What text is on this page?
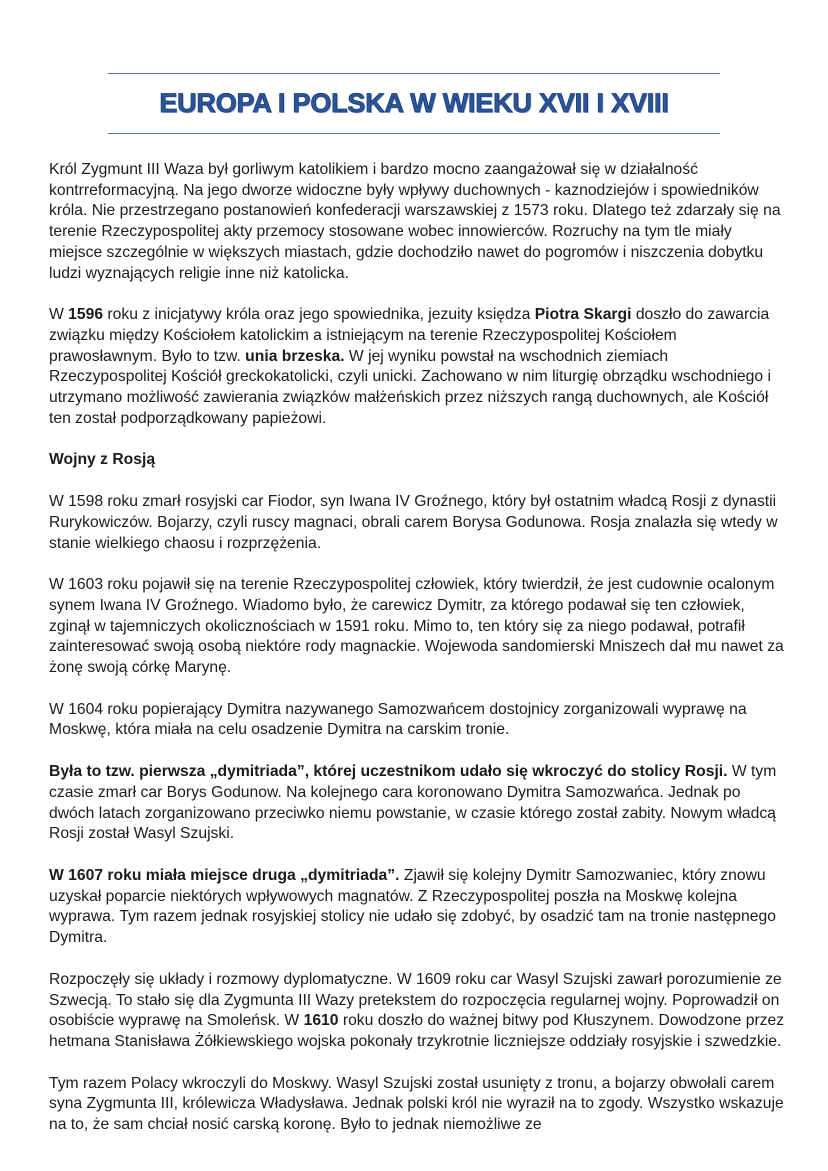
EUROPA I POLSKA W WIEKU XVII I XVIII

Król Zygmunt III Waza był gorliwym katolikiem i bardzo mocno zaangażował się w działalność kontrreformacyjną. Na jego dworze widoczne były wpływy duchownych - kaznodziejów i spowiedników króla. Nie przestrzegano postanowień konfederacji warszawskiej z 1573 roku. Dlatego też zdarzały się na terenie Rzeczypospolitej akty przemocy stosowane wobec innowierców. Rozruchy na tym tle miały miejsce szczególnie w większych miastach, gdzie dochodziło nawet do pogromów i niszczenia dobytku ludzi wyznających religie inne niż katolicka.

W 1596 roku z inicjatywy króla oraz jego spowiednika, jezuity księdza Piotra Skargi doszło do zawarcia związku między Kościołem katolickim a istniejącym na terenie Rzeczypospolitej Kościołem prawosławnym. Było to tzw. unia brzeska. W jej wyniku powstał na wschodnich ziemiach Rzeczypospolitej Kościół greckokatolicki, czyli unicki. Zachowano w nim liturgię obrządku wschodniego i utrzymano możliwość zawierania związków małżeńskich przez niższych rangą duchownych, ale Kościół ten został podporządkowany papieżowi.

Wojny z Rosją

W 1598 roku zmarł rosyjski car Fiodor, syn Iwana IV Groźnego, który był ostatnim władcą Rosji z dynastii Rurykowiczów. Bojarzy, czyli ruscy magnaci, obrali carem Borysa Godunowa. Rosja znalazła się wtedy w stanie wielkiego chaosu i rozprzężenia.

W 1603 roku pojawił się na terenie Rzeczypospolitej człowiek, który twierdził, że jest cudownie ocalonym synem Iwana IV Groźnego. Wiadomo było, że carewicz Dymitr, za którego podawał się ten człowiek, zginął w tajemniczych okolicznościach w 1591 roku. Mimo to, ten który się za niego podawał, potrafił zainteresować swoją osobą niektóre rody magnackie. Wojewoda sandomierski Mniszech dał mu nawet za żonę swoją córkę Marynę.

W 1604 roku popierający Dymitra nazywanego Samozwańcem dostojnicy zorganizowali wyprawę na Moskwę, która miała na celu osadzenie Dymitra na carskim tronie.

Była to tzw. pierwsza „dymitriada”, której uczestnikom udało się wkroczyć do stolicy Rosji. W tym czasie zmarł car Borys Godunow. Na kolejnego cara koronowano Dymitra Samozwańca. Jednak po dwóch latach zorganizowano przeciwko niemu powstanie, w czasie którego został zabity. Nowym władcą Rosji został Wasyl Szujski.

W 1607 roku miała miejsce druga „dymitriada”. Zjawił się kolejny Dymitr Samozwaniec, który znowu uzyskał poparcie niektórych wpływowych magnatów. Z Rzeczypospolitej poszła na Moskwę kolejna wyprawa. Tym razem jednak rosyjskiej stolicy nie udało się zdobyć, by osadzić tam na tronie następnego Dymitra.

Rozpoczęły się układy i rozmowy dyplomatyczne. W 1609 roku car Wasyl Szujski zawarł porozumienie ze Szwecją. To stało się dla Zygmunta III Wazy pretekstem do rozpoczęcia regularnej wojny. Poprowadził on osobiście wyprawę na Smoleńsk. W 1610 roku doszło do ważnej bitwy pod Kłuszynem. Dowodzone przez hetmana Stanisława Żółkiewskiego wojska pokonały trzykrotnie liczniejsze oddziały rosyjskie i szwedzkie.

Tym razem Polacy wkroczyli do Moskwy. Wasyl Szujski został usunięty z tronu, a bojarzy obwołali carem syna Zygmunta III, królewicza Władysława. Jednak polski król nie wyraził na to zgody. Wszystko wskazuje na to, że sam chciał nosić carską koronę. Było to jednak niemożliwe ze
